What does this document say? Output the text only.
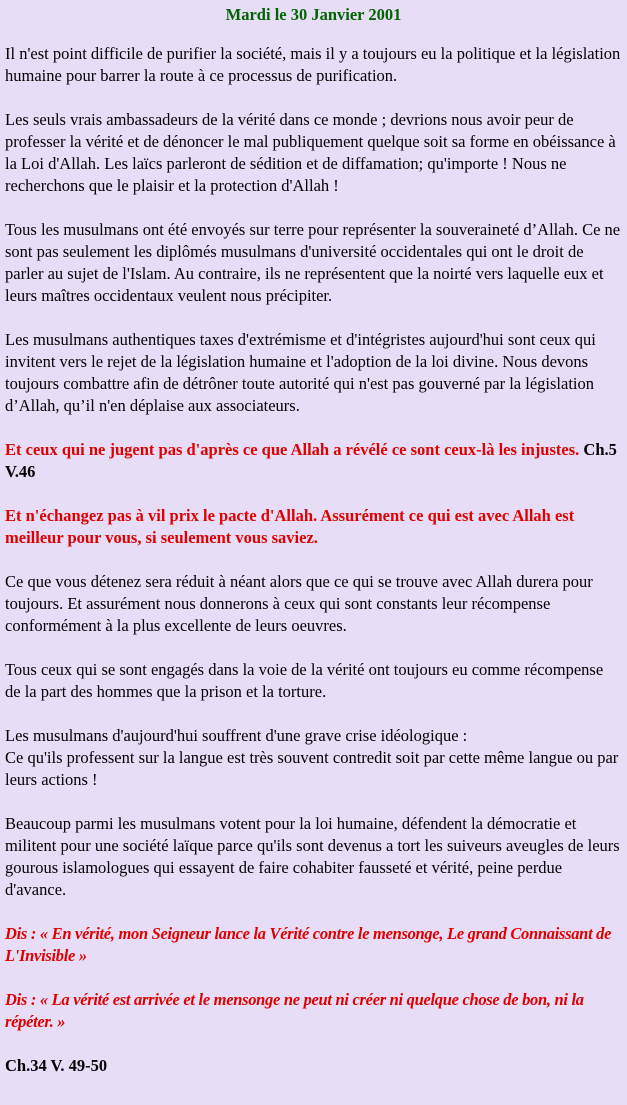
Mardi le 30 Janvier 2001
Il n'est point difficile de purifier la société, mais il y a toujours eu la politique et la législation humaine pour barrer la route à ce processus de purification.
Les seuls vrais ambassadeurs de la vérité dans ce monde ; devrions nous avoir peur de professer la vérité et de dénoncer le mal publiquement quelque soit sa forme en obéissance à la Loi d'Allah. Les laïcs parleront de sédition et de diffamation; qu'importe ! Nous ne recherchons que le plaisir et la protection d'Allah !
Tous les musulmans ont été envoyés sur terre pour représenter la souveraineté d’Allah. Ce ne sont pas seulement les diplômés musulmans d'université occidentales qui ont le droit de parler au sujet de l'Islam. Au contraire, ils ne représentent que la noirté vers laquelle eux et leurs maîtres occidentaux veulent nous précipiter.
Les musulmans authentiques taxes d'extrémisme et d'intégristes aujourd'hui sont ceux qui invitent vers le rejet de la législation humaine et l'adoption de la loi divine. Nous devons toujours combattre afin de détrôner toute autorité qui n'est pas gouverné par la législation d’Allah, qu’il n'en déplaise aux associateurs.
Et ceux qui ne jugent pas d'après ce que Allah a révélé ce sont ceux-là les injustes. Ch.5 V.46
Et n'échangez pas à vil prix le pacte d'Allah. Assurément ce qui est avec Allah est meilleur pour vous, si seulement vous saviez.
Ce que vous détenez sera réduit à néant alors que ce qui se trouve avec Allah durera pour toujours. Et assurément nous donnerons à ceux qui sont constants leur récompense conformément à la plus excellente de leurs oeuvres.
Tous ceux qui se sont engagés dans la voie de la vérité ont toujours eu comme récompense de la part des hommes que la prison et la torture.
Les musulmans d'aujourd'hui souffrent d'une grave crise idéologique :
Ce qu'ils professent sur la langue est très souvent contredit soit par cette même langue ou par leurs actions !
Beaucoup parmi les musulmans votent pour la loi humaine, défendent la démocratie et militent pour une société laïque parce qu'ils sont devenus a tort les suiveurs aveugles de leurs gourous islamologues qui essayent de faire cohabiter fausseté et vérité, peine perdue d'avance.
Dis : « En vérité, mon Seigneur lance la Vérité contre le mensonge, Le grand Connaissant de L'Invisible »
Dis : « La vérité est arrivée et le mensonge ne peut ni créer ni quelque chose de bon, ni la répéter. »
Ch.34 V. 49-50
